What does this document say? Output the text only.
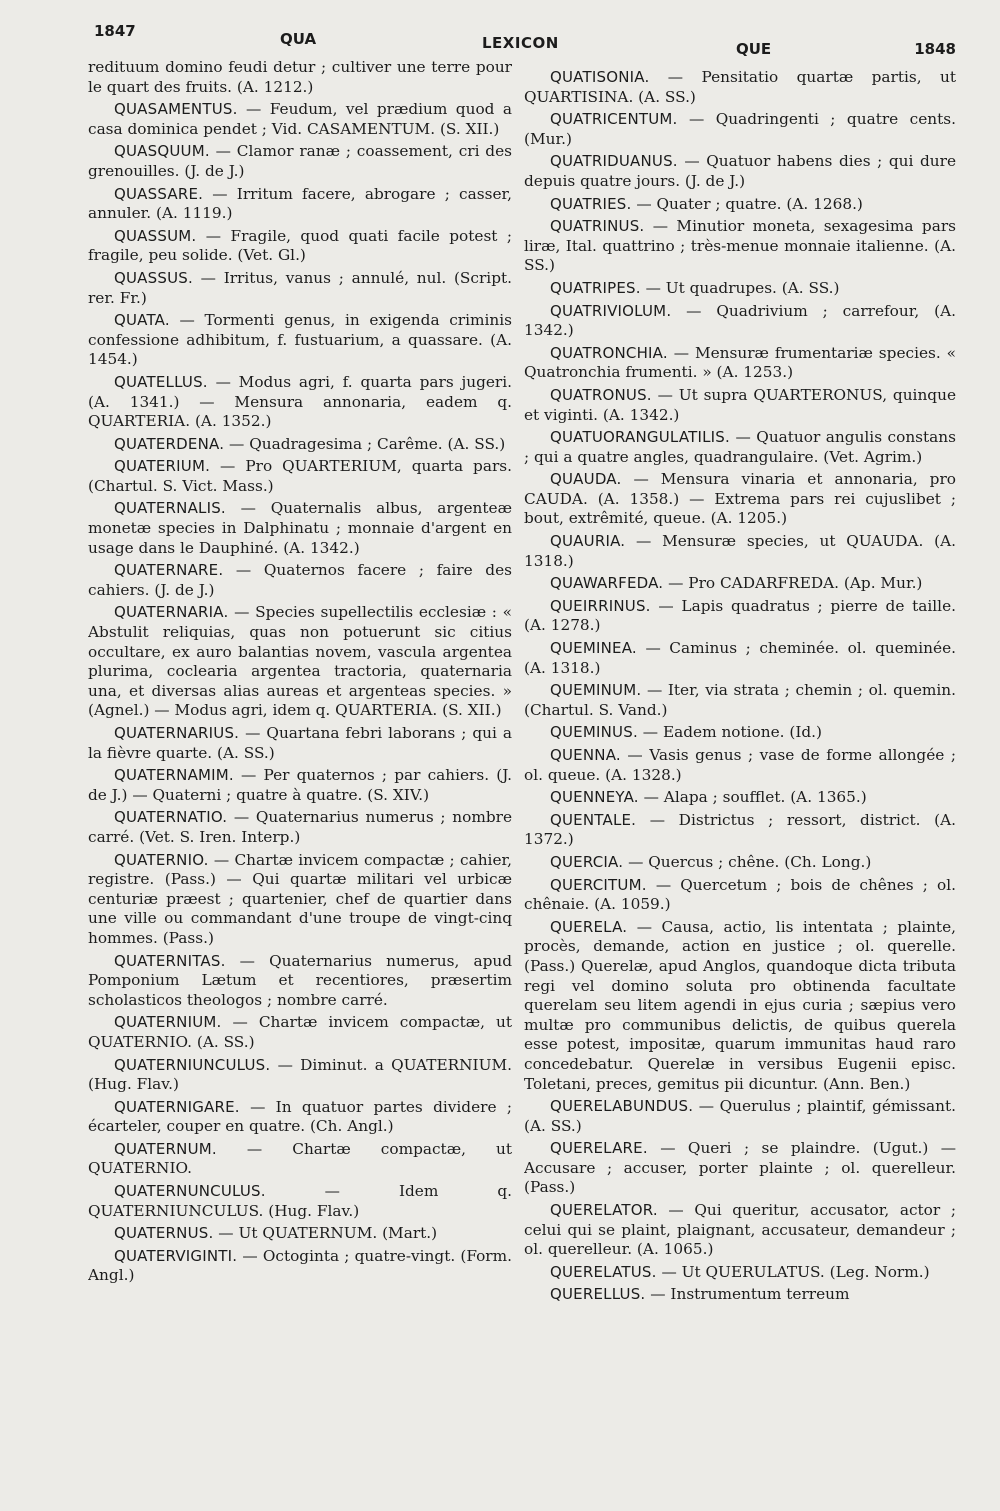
1847	QUA	LEXICON	QUE	1848

redituum domino feudi detur ; cultiver une terre pour le quart des fruits. (A. 1212.)

QUASAMENTUS. — Feudum, vel prædium quod a casa dominica pendet ; Vid. CASAMENTUM. (S. XII.)

QUASQUUM. — Clamor ranæ ; coassement, cri des grenouilles. (J. de J.)

QUASSARE. — Irritum facere, abrogare ; casser, annuler. (A. 1119.)

QUASSUM. — Fragile, quod quati facile potest ; fragile, peu solide. (Vet. Gl.)

QUASSUS. — Irritus, vanus ; annulé, nul. (Script. rer. Fr.)

QUATA. — Tormenti genus, in exigenda criminis confessione adhibitum, f. fustuarium, a quassare. (A. 1454.)

QUATELLUS. — Modus agri, f. quarta pars jugeri. (A. 1341.) — Mensura annonaria, eadem q. QUARTERIA. (A. 1352.)

QUATERDENA. — Quadragesima ; Carême. (A. SS.)

QUATERIUM. — Pro QUARTERIUM, quarta pars. (Chartul. S. Vict. Mass.)

QUATERNALIS. — Quaternalis albus, argenteæ monetæ species in Dalphinatu ; monnaie d'argent en usage dans le Dauphiné. (A. 1342.)

QUATERNARE. — Quaternos facere ; faire des cahiers. (J. de J.)

QUATERNARIA. — Species supellectilis ecclesiæ : « Abstulit reliquias, quas non potuerunt sic citius occultare, ex auro balantias novem, vascula argentea plurima, coclearia argentea tractoria, quaternaria una, et diversas alias aureas et argenteas species. » (Agnel.) — Modus agri, idem q. QUARTERIA. (S. XII.)

QUATERNARIUS. — Quartana febri laborans ; qui a la fièvre quarte. (A. SS.)

QUATERNAMIM. — Per quaternos ; par cahiers. (J. de J.) — Quaterni ; quatre à quatre. (S. XIV.)

QUATERNATIO. — Quaternarius numerus ; nombre carré. (Vet. S. Iren. Interp.)

QUATERNIO. — Chartæ invicem compactæ ; cahier, registre. (Pass.) — Qui quartæ militari vel urbicæ centuriæ præest ; quartenier, chef de quartier dans une ville ou commandant d'une troupe de vingt-cinq hommes. (Pass.)

QUATERNITAS. — Quaternarius numerus, apud Pomponium Lætum et recentiores, præsertim scholasticos theologos ; nombre carré.

QUATERNIUM. — Chartæ invicem compactæ, ut QUATERNIO. (A. SS.)

QUATERNIUNCULUS. — Diminut. a QUATERNIUM. (Hug. Flav.)

QUATERNIGARE. — In quatuor partes dividere ; écarteler, couper en quatre. (Ch. Angl.)

QUATERNUM. — Chartæ compactæ, ut QUATERNIO.

QUATERNUNCULUS. — Idem q. QUATERNIUNCULUS. (Hug. Flav.)

QUATERNUS. — Ut QUATERNUM. (Mart.)

QUATERVIGINTI. — Octoginta ; quatre-vingt. (Form. Angl.)

QUATISONIA. — Pensitatio quartæ partis, ut QUARTISINA. (A. SS.)

QUATRICENTUM. — Quadringenti ; quatre cents. (Mur.)

QUATRIDUANUS. — Quatuor habens dies ; qui dure depuis quatre jours. (J. de J.)

QUATRIES. — Quater ; quatre. (A. 1268.)

QUATRINUS. — Minutior moneta, sexagesima pars liræ, Ital. quattrino ; très-menue monnaie italienne. (A. SS.)

QUATRIPES. — Ut quadrupes. (A. SS.)

QUATRIVIOLUM. — Quadrivium ; carrefour, (A. 1342.)

QUATRONCHIA. — Mensuræ frumentariæ species. « Quatronchia frumenti. » (A. 1253.)

QUATRONUS. — Ut supra QUARTERONUS, quinque et viginti. (A. 1342.)

QUATUORANGULATILIS. — Quatuor angulis constans ; qui a quatre angles, quadrangulaire. (Vet. Agrim.)

QUAUDA. — Mensura vinaria et annonaria, pro CAUDA. (A. 1358.) — Extrema pars rei cujuslibet ; bout, extrêmité, queue. (A. 1205.)

QUAURIA. — Mensuræ species, ut QUAUDA. (A. 1318.)

QUAWARFEDA. — Pro CADARFREDA. (Ap. Mur.)

QUEIRRINUS. — Lapis quadratus ; pierre de taille. (A. 1278.)

QUEMINEA. — Caminus ; cheminée. ol. queminée. (A. 1318.)

QUEMINUM. — Iter, via strata ; chemin ; ol. quemin. (Chartul. S. Vand.)

QUEMINUS. — Eadem notione. (Id.)

QUENNA. — Vasis genus ; vase de forme allongée ; ol. queue. (A. 1328.)

QUENNEYA. — Alapa ; soufflet. (A. 1365.)

QUENTALE. — Districtus ; ressort, district. (A. 1372.)

QUERCIA. — Quercus ; chêne. (Ch. Long.)

QUERCITUM. — Quercetum ; bois de chênes ; ol. chênaie. (A. 1059.)

QUERELA. — Causa, actio, lis intentata ; plainte, procès, demande, action en justice ; ol. querelle. (Pass.) Querelæ, apud Anglos, quandoque dicta tributa regi vel domino soluta pro obtinenda facultate querelam seu litem agendi in ejus curia ; sæpius vero multæ pro communibus delictis, de quibus querela esse potest, impositæ, quarum immunitas haud raro concedebatur. Querelæ in versibus Eugenii episc. Toletani, preces, gemitus pii dicuntur. (Ann. Ben.)

QUERELABUNDUS. — Querulus ; plaintif, gémissant. (A. SS.)

QUERELARE. — Queri ; se plaindre. (Ugut.) — Accusare ; accuser, porter plainte ; ol. querelleur. (Pass.)

QUERELATOR. — Qui queritur, accusator, actor ; celui qui se plaint, plaignant, accusateur, demandeur ; ol. querelleur. (A. 1065.)

QUERELATUS. — Ut QUERULATUS. (Leg. Norm.)

QUERELLUS. — Instrumentum terreum
